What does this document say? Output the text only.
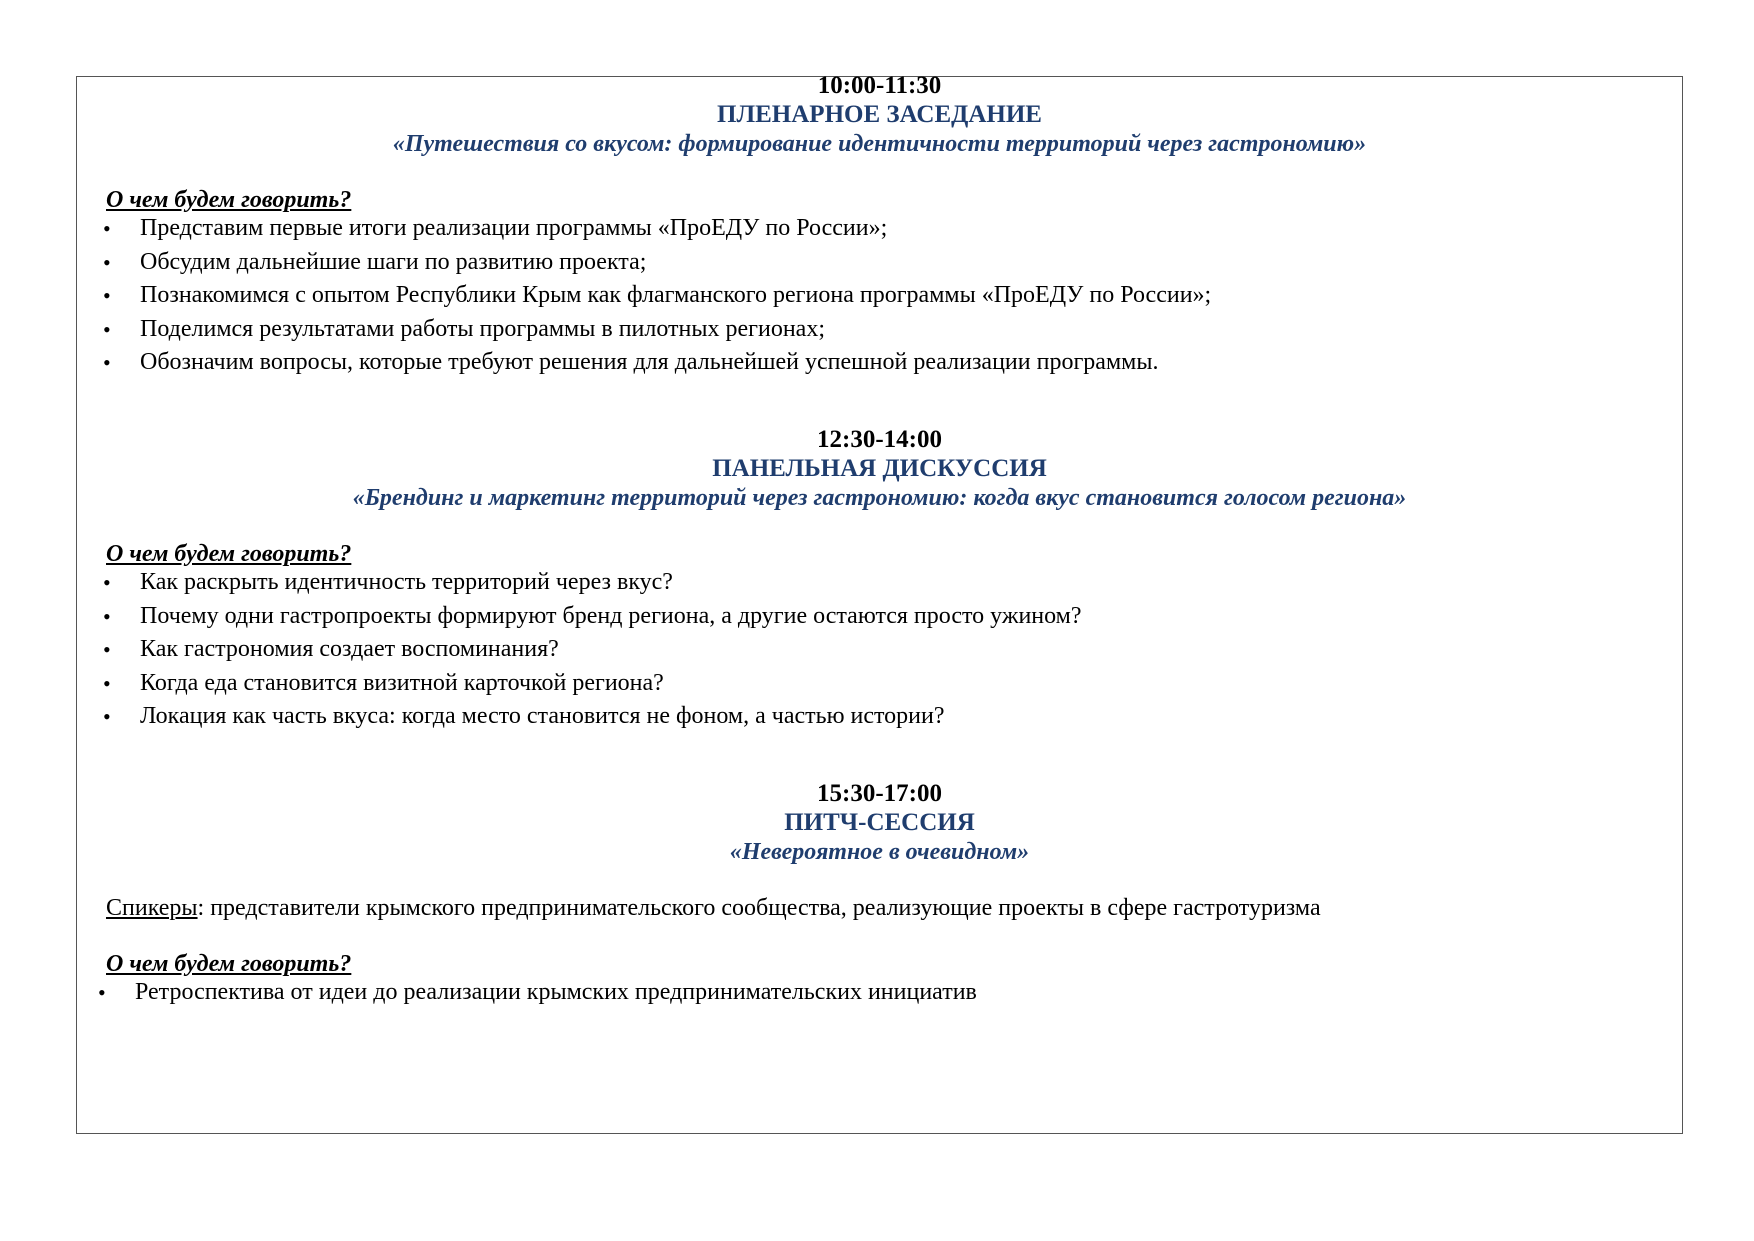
10:00-11:30
ПЛЕНАРНОЕ ЗАСЕДАНИЕ
«Путешествия со вкусом: формирование идентичности территорий через гастрономию»
О чем будем говорить?
• Представим первые итоги реализации программы «ПроЕДУ по России»;
• Обсудим дальнейшие шаги по развитию проекта;
• Познакомимся с опытом Республики Крым как флагманского региона программы «ПроЕДУ по России»;
• Поделимся результатами работы программы в пилотных регионах;
• Обозначим вопросы, которые требуют решения для дальнейшей успешной реализации программы.
12:30-14:00
ПАНЕЛЬНАЯ ДИСКУССИЯ
«Брендинг и маркетинг территорий через гастрономию: когда вкус становится голосом региона»
О чем будем говорить?
• Как раскрыть идентичность территорий через вкус?
• Почему одни гастропроекты формируют бренд региона, а другие остаются просто ужином?
• Как гастрономия создает воспоминания?
• Когда еда становится визитной карточкой региона?
• Локация как часть вкуса: когда место становится не фоном, а частью истории?
15:30-17:00
ПИТЧ-СЕССИЯ
«Невероятное в очевидном»
Спикеры: представители крымского предпринимательского сообщества, реализующие проекты в сфере гастротуризма
О чем будем говорить?
• Ретроспектива от идеи до реализации крымских предпринимательских инициатив
